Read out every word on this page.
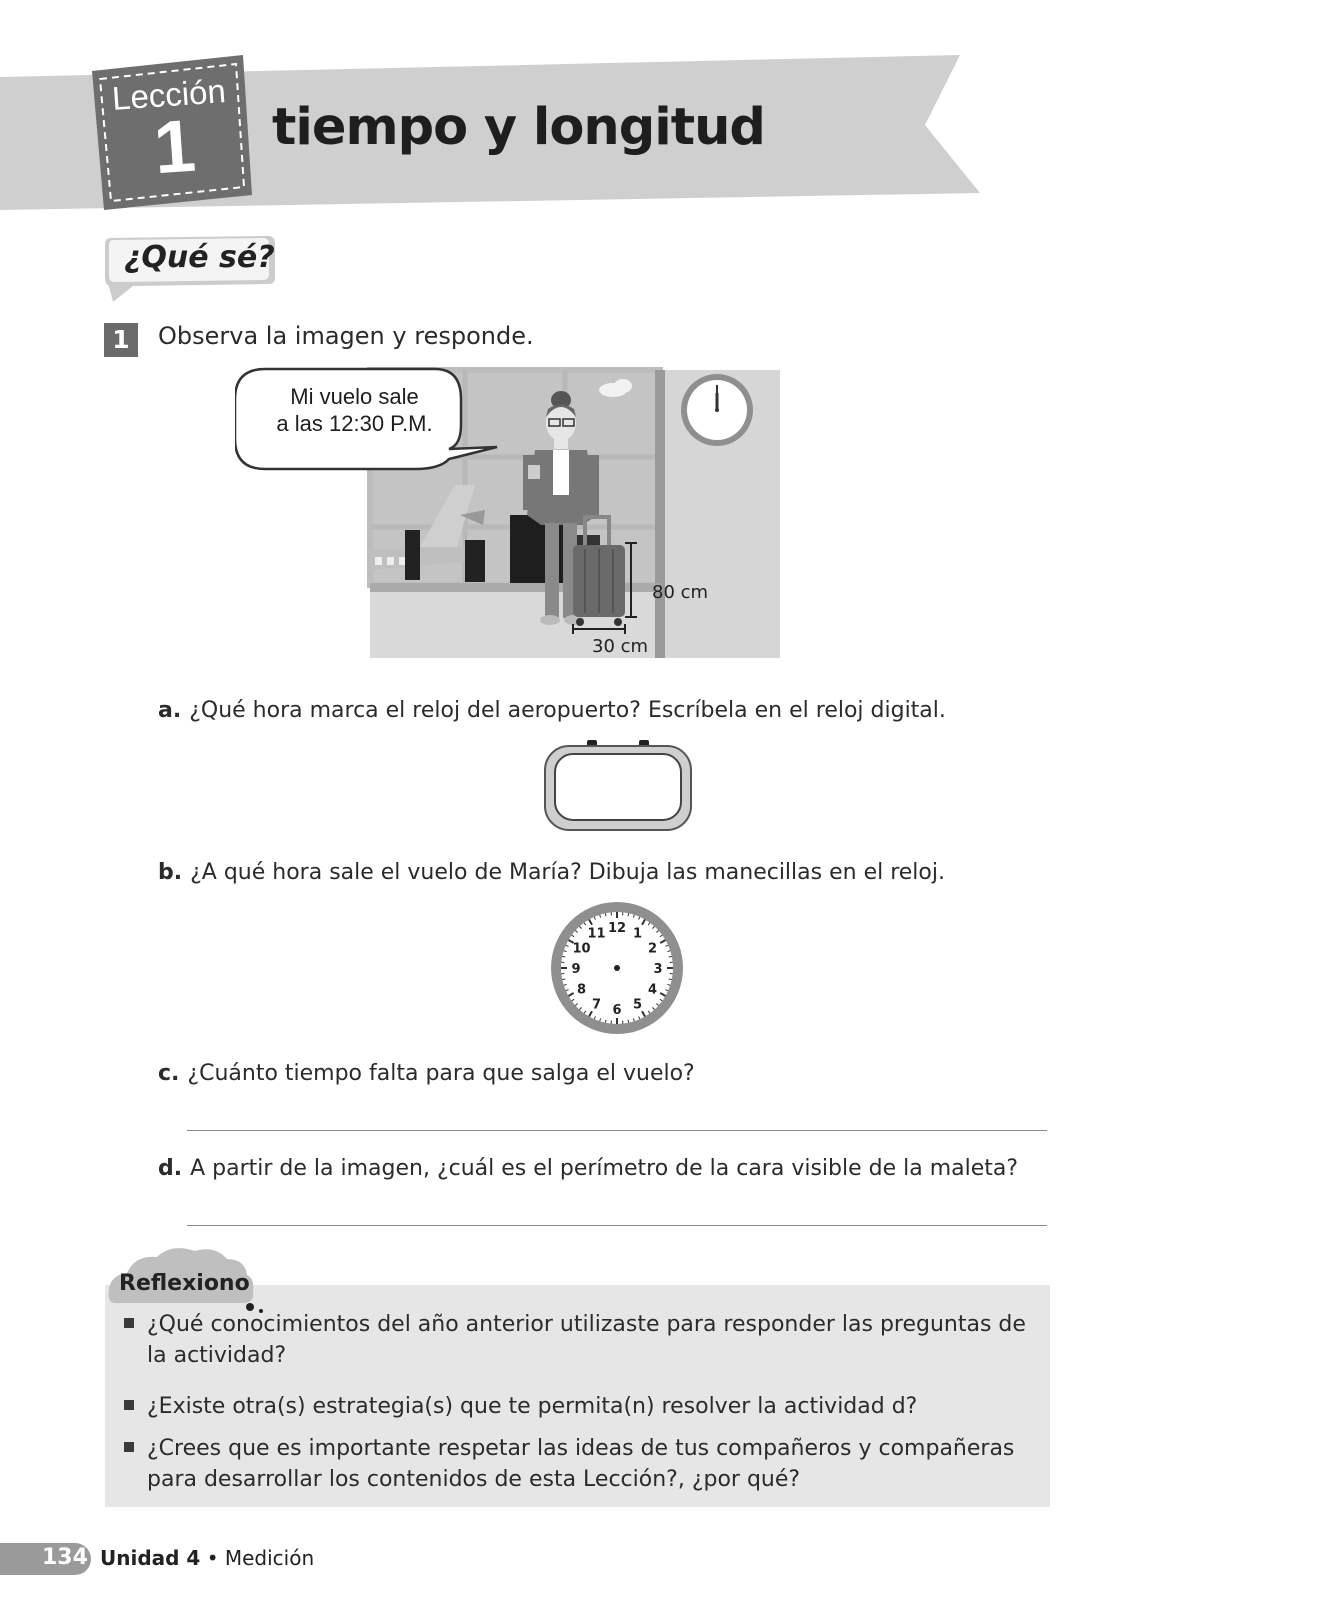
Lección
1 tiempo y longitud
¿Qué sé?
1	Observa la imagen y responde.
Mi vuelo sale
a las 12:30 P.M.
80 cm
30 cm
a. ¿Qué hora marca el reloj del aeropuerto? Escríbela en el reloj digital.
b. ¿A qué hora sale el vuelo de María? Dibuja las manecillas en el reloj.
12 1
2
3
4
5
6
7
8
9
10
11
c. ¿Cuánto tiempo falta para que salga el vuelo?
d. A partir de la imagen, ¿cuál es el perímetro de la cara visible de la maleta?
Reflexiono
¿Qué conocimientos del año anterior utilizaste para responder las preguntas de la actividad?
¿Existe otra(s) estrategia(s) que te permita(n) resolver la actividad d?
¿Crees que es importante respetar las ideas de tus compañeros y compañeras para desarrollar los contenidos de esta Lección?, ¿por qué?
134 Unidad 4 • Medición
